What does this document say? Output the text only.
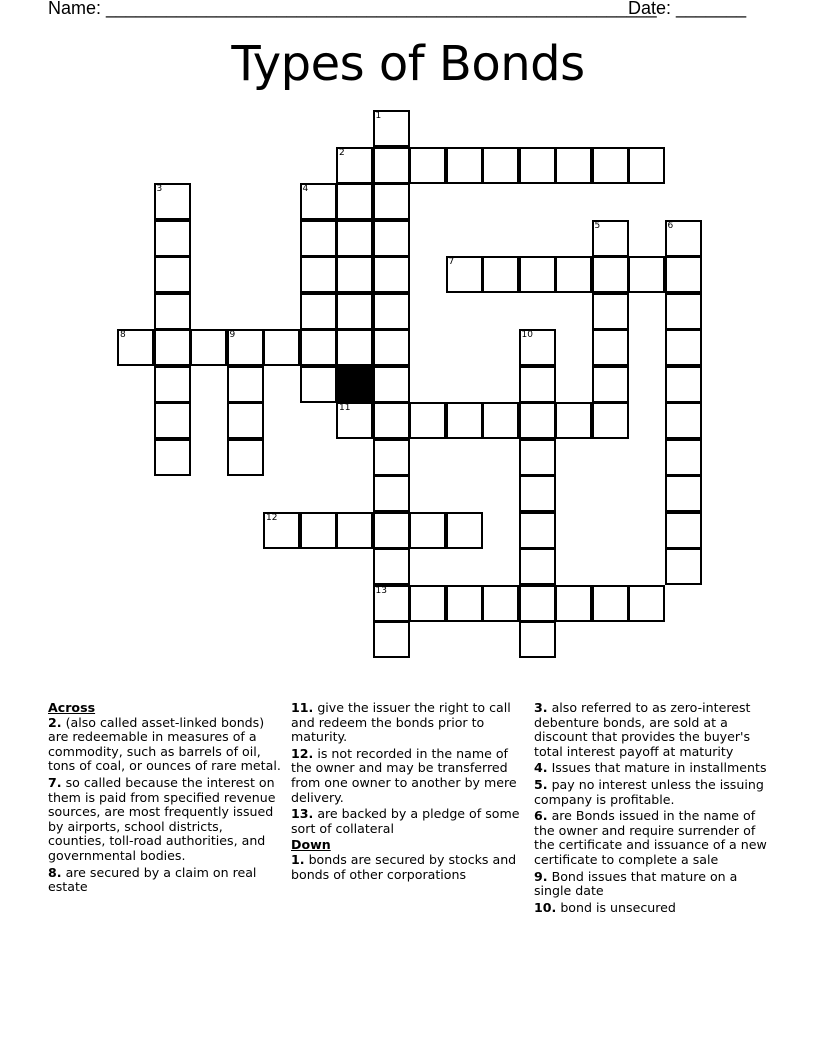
Name: _______________________________________________________
Date: _______
Types of Bonds
1
2
3	4
5	6
7
8	9	10
11
12
13
Across
2. (also called asset-linked bonds) are redeemable in measures of a commodity, such as barrels of oil, tons of coal, or ounces of rare metal.
7. so called because the interest on them is paid from specified revenue sources, are most frequently issued by airports, school districts, counties, toll-road authorities, and governmental bodies.
8. are secured by a claim on real estate
11. give the issuer the right to call and redeem the bonds prior to maturity.
12. is not recorded in the name of the owner and may be transferred from one owner to another by mere delivery.
13. are backed by a pledge of some sort of collateral
Down
1. bonds are secured by stocks and bonds of other corporations
3. also referred to as zero-interest debenture bonds, are sold at a discount that provides the buyer's total interest payoff at maturity
4. Issues that mature in installments
5. pay no interest unless the issuing company is profitable.
6. are Bonds issued in the name of the owner and require surrender of the certificate and issuance of a new certificate to complete a sale
9. Bond issues that mature on a single date
10. bond is unsecured
